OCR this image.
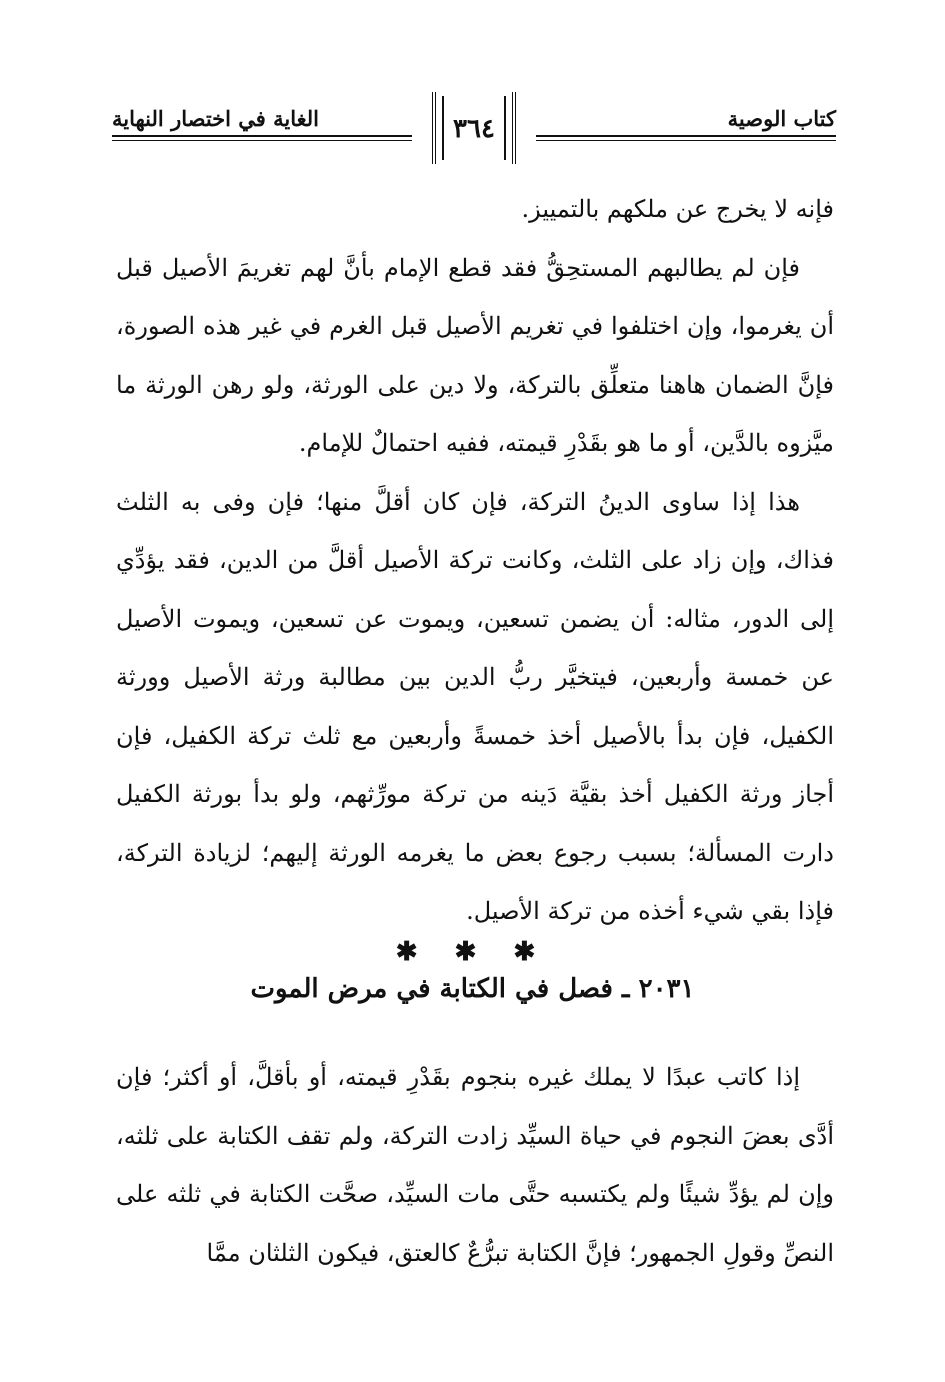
كتاب الوصية
الغاية في اختصار النهاية	٣٦٤

فإنه لا يخرج عن ملكهم بالتمييز.

فإن لم يطالبهم المستحِقُّ فقد قطع الإمام بأنَّ لهم تغريمَ الأصيل قبل أن يغرموا، وإن اختلفوا في تغريم الأصيل قبل الغرم في غير هذه الصورة، فإنَّ الضمان هاهنا متعلِّق بالتركة، ولا دين على الورثة، ولو رهن الورثة ما ميَّزوه بالدَّين، أو ما هو بقَدْرِ قيمته، ففيه احتمالٌ للإمام.

هذا إذا ساوى الدينُ التركة، فإن كان أقلَّ منها؛ فإن وفى به الثلث فذاك، وإن زاد على الثلث، وكانت تركة الأصيل أقلَّ من الدين، فقد يؤدِّي إلى الدور، مثاله: أن يضمن تسعين، ويموت عن تسعين، ويموت الأصيل عن خمسة وأربعين، فيتخيَّر ربُّ الدين بين مطالبة ورثة الأصيل وورثة الكفيل، فإن بدأ بالأصيل أخذ خمسةً وأربعين مع ثلث تركة الكفيل، فإن أجاز ورثة الكفيل أخذ بقيَّة دَينه من تركة مورِّثهم، ولو بدأ بورثة الكفيل دارت المسألة؛ بسبب رجوع بعض ما يغرمه الورثة إليهم؛ لزيادة التركة، فإذا بقي شيء أخذه من تركة الأصيل.

✱ ✱ ✱
٢٠٣١ ـ فصل في الكتابة في مرض الموت

إذا كاتب عبدًا لا يملك غيره بنجوم بقَدْرِ قيمته، أو بأقلَّ، أو أكثر؛ فإن أدَّى بعضَ النجوم في حياة السيِّد زادت التركة، ولم تقف الكتابة على ثلثه، وإن لم يؤدِّ شيئًا ولم يكتسبه حتَّى مات السيِّد، صحَّت الكتابة في ثلثه على النصِّ وقولِ الجمهور؛ فإنَّ الكتابة تبرُّعٌ كالعتق، فيكون الثلثان ممَّا
